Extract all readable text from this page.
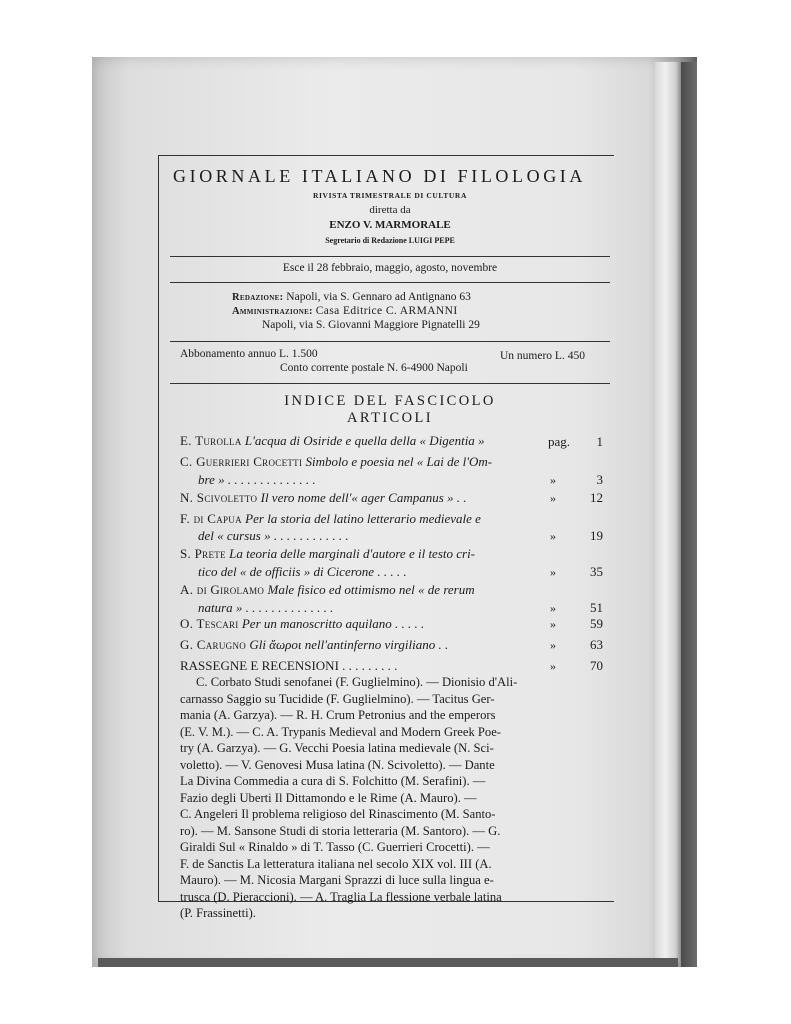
GIORNALE ITALIANO DI FILOLOGIA
RIVISTA TRIMESTRALE DI CULTURA
diretta da
ENZO V. MARMORALE
Segretario di Redazione LUIGI PEPE
Esce il 28 febbraio, maggio, agosto, novembre
Redazione: Napoli, via S. Gennaro ad Antignano 63
Amministrazione: Casa Editrice C. ARMANNI
Napoli, via S. Giovanni Maggiore Pignatelli 29
Abbonamento annuo L. 1.500	Un numero L. 450
Conto corrente postale N. 6-4900 Napoli
INDICE DEL FASCICOLO
ARTICOLI
E. Turolla L'acqua di Osiride e quella della « Digentia »	pag.	1
C. Guerrieri Crocetti Simbolo e poesia nel « Lai de l'Om-
bre » . . . . . . . . . . . . . .	»	3
N. Scivoletto Il vero nome dell'« ager Campanus » . .	»	12
F. di Capua Per la storia del latino letterario medievale e
del « cursus » . . . . . . . . . . . .	»	19
S. Prete La teoria delle marginali d'autore e il testo cri-
tico del « de officiis » di Cicerone . . . . .	»	35
A. di Girolamo Male fisico ed ottimismo nel « de rerum
natura » . . . . . . . . . . . . . .	»	51
O. Tescari Per un manoscritto aquilano . . . . .	»	59
G. Carugno Gli ἄωροι nell'antinferno virgiliano . .	»	63
RASSEGNE E RECENSIONI . . . . . . . . .	»	70
C. Corbato Studi senofanei (F. Guglielmino). — Dionisio d'Ali-
carnasso Saggio su Tucidide (F. Guglielmino). — Tacitus Ger-
mania (A. Garzya). — R. H. Crum Petronius and the emperors
(E. V. M.). — C. A. Trypanis Medieval and Modern Greek Poe-
try (A. Garzya). — G. Vecchi Poesia latina medievale (N. Sci-
voletto). — V. Genovesi Musa latina (N. Scivoletto). — Dante
La Divina Commedia a cura di S. Folchitto (M. Serafini). —
Fazio degli Uberti Il Dittamondo e le Rime (A. Mauro). —
C. Angeleri Il problema religioso del Rinascimento (M. Santo-
ro). — M. Sansone Studi di storia letteraria (M. Santoro). — G.
Giraldi Sul « Rinaldo » di T. Tasso (C. Guerrieri Crocetti). —
F. de Sanctis La letteratura italiana nel secolo XIX vol. III (A.
Mauro). — M. Nicosia Margani Sprazzi di luce sulla lingua e-
trusca (D. Pieraccioni). — A. Traglia La flessione verbale latina
(P. Frassinetti).
